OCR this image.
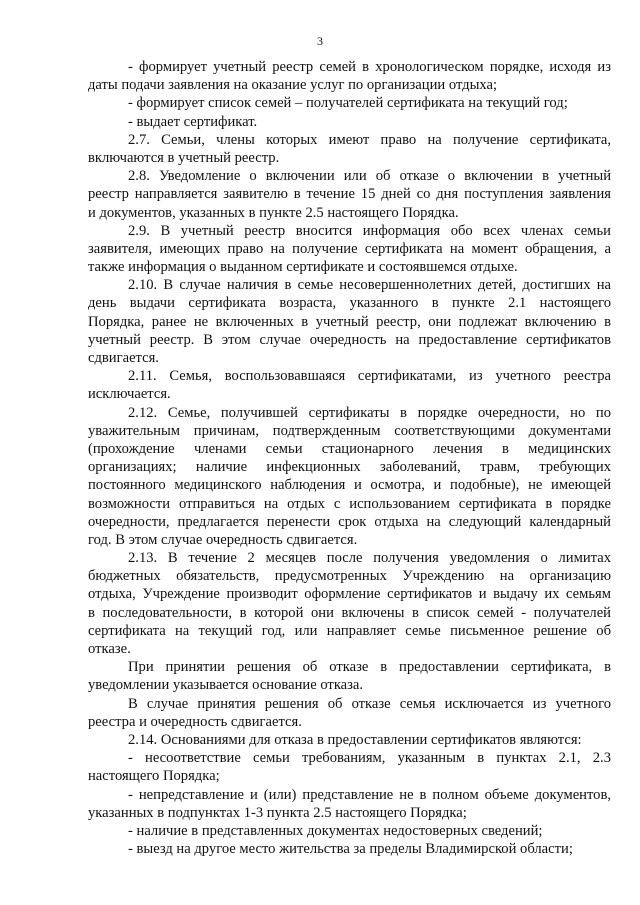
3
- формирует учетный реестр семей в хронологическом порядке, исходя из
даты подачи заявления на оказание услуг по организации отдыха;
- формирует список семей – получателей сертификата на текущий год;
- выдает сертификат.
2.7. Семьи, члены которых имеют право на получение сертификата,
включаются в учетный реестр.
2.8. Уведомление о включении или об отказе о включении в учетный
реестр направляется заявителю в течение 15 дней со дня поступления заявления
и документов, указанных в пункте 2.5 настоящего Порядка.
2.9. В учетный реестр вносится информация обо всех членах семьи
заявителя, имеющих право на получение сертификата на момент обращения, а
также информация о выданном сертификате и состоявшемся отдыхе.
2.10. В случае наличия в семье несовершеннолетних детей, достигших на
день выдачи сертификата возраста, указанного в пункте 2.1 настоящего
Порядка, ранее не включенных в учетный реестр, они подлежат включению в
учетный реестр. В этом случае очередность на предоставление сертификатов
сдвигается.
2.11. Семья, воспользовавшаяся сертификатами, из учетного реестра
исключается.
2.12. Семье, получившей сертификаты в порядке очередности, но по
уважительным причинам, подтвержденным соответствующими документами
(прохождение членами семьи стационарного лечения в медицинских
организациях; наличие инфекционных заболеваний, травм, требующих
постоянного медицинского наблюдения и осмотра, и подобные), не имеющей
возможности отправиться на отдых с использованием сертификата в порядке
очередности, предлагается перенести срок отдыха на следующий календарный
год. В этом случае очередность сдвигается.
2.13. В течение 2 месяцев после получения уведомления о лимитах
бюджетных обязательств, предусмотренных Учреждению на организацию
отдыха, Учреждение производит оформление сертификатов и выдачу их семьям
в последовательности, в которой они включены в список семей - получателей
сертификата на текущий год, или направляет семье письменное решение об
отказе.
При принятии решения об отказе в предоставлении сертификата, в
уведомлении указывается основание отказа.
В случае принятия решения об отказе семья исключается из учетного
реестра и очередность сдвигается.
2.14. Основаниями для отказа в предоставлении сертификатов являются:
- несоответствие семьи требованиям, указанным в пунктах 2.1, 2.3
настоящего Порядка;
- непредставление и (или) представление не в полном объеме документов,
указанных в подпунктах 1-3 пункта 2.5 настоящего Порядка;
- наличие в представленных документах недостоверных сведений;
- выезд на другое место жительства за пределы Владимирской области;
